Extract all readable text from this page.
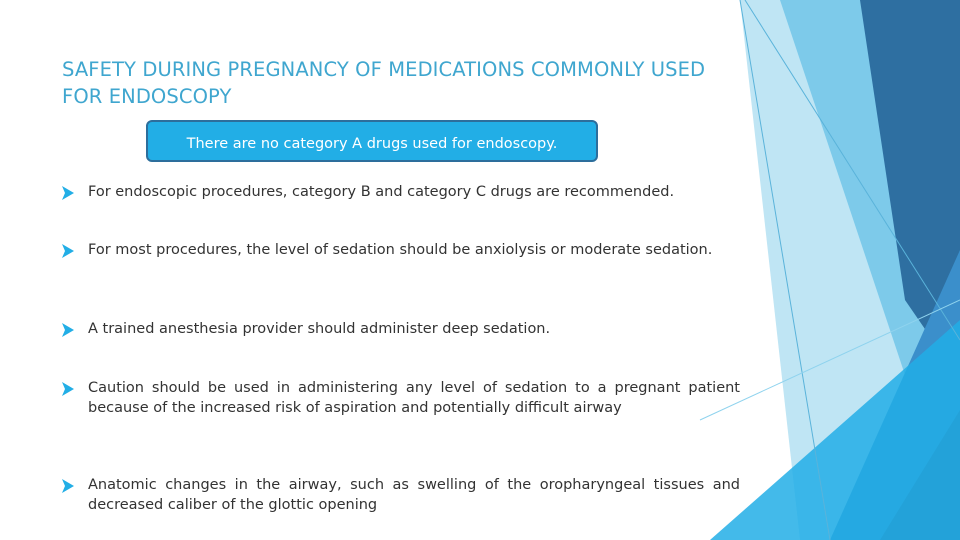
SAFETY DURING PREGNANCY OF MEDICATIONS COMMONLY USED FOR ENDOSCOPY
There are no category A drugs used for endoscopy.
For endoscopic procedures, category B and category C drugs are recommended.
For most procedures, the level of sedation should be anxiolysis or moderate sedation.
A trained anesthesia provider should administer deep sedation.
Caution should be used in administering any level of sedation to a pregnant patient because of the increased risk of aspiration and potentially difficult airway
Anatomic changes in the airway, such as swelling of the oropharyngeal tissues and decreased caliber of the glottic opening
